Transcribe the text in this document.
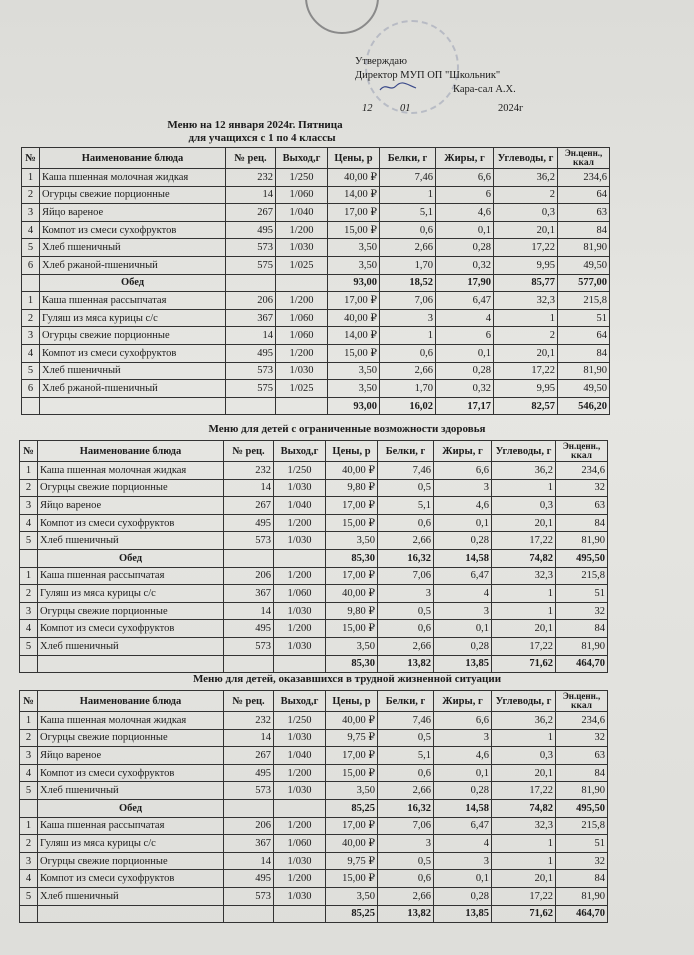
Утверждаю
Директор МУП ОП "Школьник"
Кара-сал А.Х.
12	01	2024г
Меню на 12 января 2024г. Пятница
для учащихся с 1 по 4 классы
№	Наименование блюда	№ рец.	Выход,г	Цены, р	Белки, г	Жиры, г	Углеводы, г	Эн.ценн.,
ккал

1	Каша пшенная молочная жидкая	232	1/250	40,00 ₽	7,46	6,6	36,2	234,6
2	Огурцы свежие порционные	14	1/060	14,00 ₽	1	6	2	64
3	Яйцо вареное	267	1/040	17,00 ₽	5,1	4,6	0,3	63
4	Компот из смеси сухофруктов	495	1/200	15,00 ₽	0,6	0,1	20,1	84
5	Хлеб пшеничный	573	1/030	3,50	2,66	0,28	17,22	81,90
6	Хлеб ржаной-пшеничный	575	1/025	3,50	1,70	0,32	9,95	49,50
	Обед			93,00	18,52	17,90	85,77	577,00
1	Каша пшенная рассыпчатая	206	1/200	17,00 ₽	7,06	6,47	32,3	215,8
2	Гуляш из мяса курицы с/с	367	1/060	40,00 ₽	3	4	1	51
3	Огурцы свежие порционные	14	1/060	14,00 ₽	1	6	2	64
4	Компот из смеси сухофруктов	495	1/200	15,00 ₽	0,6	0,1	20,1	84
5	Хлеб пшеничный	573	1/030	3,50	2,66	0,28	17,22	81,90
6	Хлеб ржаной-пшеничный	575	1/025	3,50	1,70	0,32	9,95	49,50
				93,00	16,02	17,17	82,57	546,20
Меню для детей с ограниченные возможности здоровья
№	Наименование блюда	№ рец.	Выход,г	Цены, р	Белки, г	Жиры, г	Углеводы, г	Эн.ценн.,
ккал

1	Каша пшенная молочная жидкая	232	1/250	40,00 ₽	7,46	6,6	36,2	234,6
2	Огурцы свежие порционные	14	1/030	9,80 ₽	0,5	3	1	32
3	Яйцо вареное	267	1/040	17,00 ₽	5,1	4,6	0,3	63
4	Компот из смеси сухофруктов	495	1/200	15,00 ₽	0,6	0,1	20,1	84
5	Хлеб пшеничный	573	1/030	3,50	2,66	0,28	17,22	81,90
	Обед			85,30	16,32	14,58	74,82	495,50
1	Каша пшенная рассыпчатая	206	1/200	17,00 ₽	7,06	6,47	32,3	215,8
2	Гуляш из мяса курицы с/с	367	1/060	40,00 ₽	3	4	1	51
3	Огурцы свежие порционные	14	1/030	9,80 ₽	0,5	3	1	32
4	Компот из смеси сухофруктов	495	1/200	15,00 ₽	0,6	0,1	20,1	84
5	Хлеб пшеничный	573	1/030	3,50	2,66	0,28	17,22	81,90
				85,30	13,82	13,85	71,62	464,70
Меню для детей, оказавшихся в трудной жизненной ситуации
№	Наименование блюда	№ рец.	Выход,г	Цены, р	Белки, г	Жиры, г	Углеводы, г	Эн.ценн.,
ккал

1	Каша пшенная молочная жидкая	232	1/250	40,00 ₽	7,46	6,6	36,2	234,6
2	Огурцы свежие порционные	14	1/030	9,75 ₽	0,5	3	1	32
3	Яйцо вареное	267	1/040	17,00 ₽	5,1	4,6	0,3	63
4	Компот из смеси сухофруктов	495	1/200	15,00 ₽	0,6	0,1	20,1	84
5	Хлеб пшеничный	573	1/030	3,50	2,66	0,28	17,22	81,90
	Обед			85,25	16,32	14,58	74,82	495,50
1	Каша пшенная рассыпчатая	206	1/200	17,00 ₽	7,06	6,47	32,3	215,8
2	Гуляш из мяса курицы с/с	367	1/060	40,00 ₽	3	4	1	51
3	Огурцы свежие порционные	14	1/030	9,75 ₽	0,5	3	1	32
4	Компот из смеси сухофруктов	495	1/200	15,00 ₽	0,6	0,1	20,1	84
5	Хлеб пшеничный	573	1/030	3,50	2,66	0,28	17,22	81,90
				85,25	13,82	13,85	71,62	464,70
